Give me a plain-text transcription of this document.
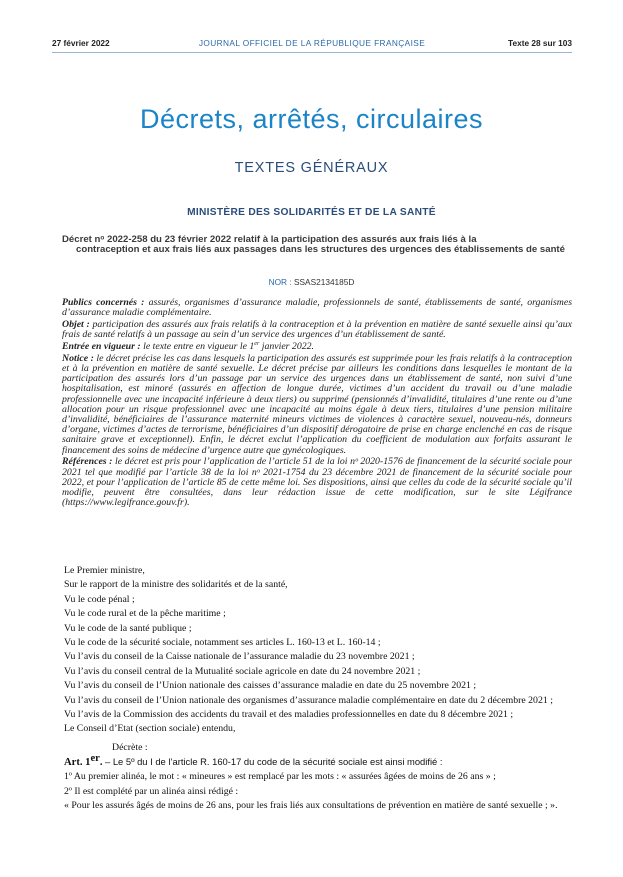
27 février 2022	JOURNAL OFFICIEL DE LA RÉPUBLIQUE FRANÇAISE	Texte 28 sur 103
Décrets, arrêtés, circulaires
TEXTES GÉNÉRAUX
MINISTÈRE DES SOLIDARITÉS ET DE LA SANTÉ
Décret nᵒ 2022-258 du 23 février 2022 relatif à la participation des assurés aux frais liés à la
contraception et aux frais liés aux passages dans les structures des urgences des établissements de santé
NOR : SSAS2134185D

Publics concernés : assurés, organismes d’assurance maladie, professionnels de santé, établissements de santé, organismes d’assurance maladie complémentaire.

Objet : participation des assurés aux frais relatifs à la contraception et à la prévention en matière de santé sexuelle ainsi qu’aux frais de santé relatifs à un passage au sein d’un service des urgences d’un établissement de santé.

Entrée en vigueur : le texte entre en vigueur le 1er janvier 2022.

Notice : le décret précise les cas dans lesquels la participation des assurés est supprimée pour les frais relatifs à la contraception et à la prévention en matière de santé sexuelle. Le décret précise par ailleurs les conditions dans lesquelles le montant de la participation des assurés lors d’un passage par un service des urgences dans un établissement de santé, non suivi d’une hospitalisation, est minoré (assurés en affection de longue durée, victimes d’un accident du travail ou d’une maladie professionnelle avec une incapacité inférieure à deux tiers) ou supprimé (pensionnés d’invalidité, titulaires d’une rente ou d’une allocation pour un risque professionnel avec une incapacité au moins égale à deux tiers, titulaires d’une pension militaire d’invalidité, bénéficiaires de l’assurance maternité mineurs victimes de violences à caractère sexuel, nouveau-nés, donneurs d’organe, victimes d’actes de terrorisme, bénéficiaires d’un dispositif dérogatoire de prise en charge enclenché en cas de risque sanitaire grave et exceptionnel). Enfin, le décret exclut l’application du coefficient de modulation aux forfaits assurant le financement des soins de médecine d’urgence autre que gynécologiques.

Références : le décret est pris pour l’application de l’article 51 de la loi nᵒ 2020-1576 de financement de la sécurité sociale pour 2021 tel que modifié par l’article 38 de la loi nᵒ 2021-1754 du 23 décembre 2021 de financement de la sécurité sociale pour 2022, et pour l’application de l’article 85 de cette même loi. Ses dispositions, ainsi que celles du code de la sécurité sociale qu’il modifie, peuvent être consultées, dans leur rédaction issue de cette modification, sur le site Légifrance (https://www.legifrance.gouv.fr).

Le Premier ministre,

Sur le rapport de la ministre des solidarités et de la santé,

Vu le code pénal ;

Vu le code rural et de la pêche maritime ;

Vu le code de la santé publique ;

Vu le code de la sécurité sociale, notamment ses articles L. 160-13 et L. 160-14 ;

Vu l’avis du conseil de la Caisse nationale de l’assurance maladie du 23 novembre 2021 ;

Vu l’avis du conseil central de la Mutualité sociale agricole en date du 24 novembre 2021 ;

Vu l’avis du conseil de l’Union nationale des caisses d’assurance maladie en date du 25 novembre 2021 ;

Vu l’avis du conseil de l’Union nationale des organismes d’assurance maladie complémentaire en date du 2 décembre 2021 ;

Vu l’avis de la Commission des accidents du travail et des maladies professionnelles en date du 8 décembre 2021 ;

Le Conseil d’Etat (section sociale) entendu,

Décrète :

Art. 1er. – Le 5º du I de l’article R. 160-17 du code de la sécurité sociale est ainsi modifié :

1º Au premier alinéa, le mot : « mineures » est remplacé par les mots : « assurées âgées de moins de 26 ans » ;

2º Il est complété par un alinéa ainsi rédigé :

« Pour les assurés âgés de moins de 26 ans, pour les frais liés aux consultations de prévention en matière de santé sexuelle ; ».
